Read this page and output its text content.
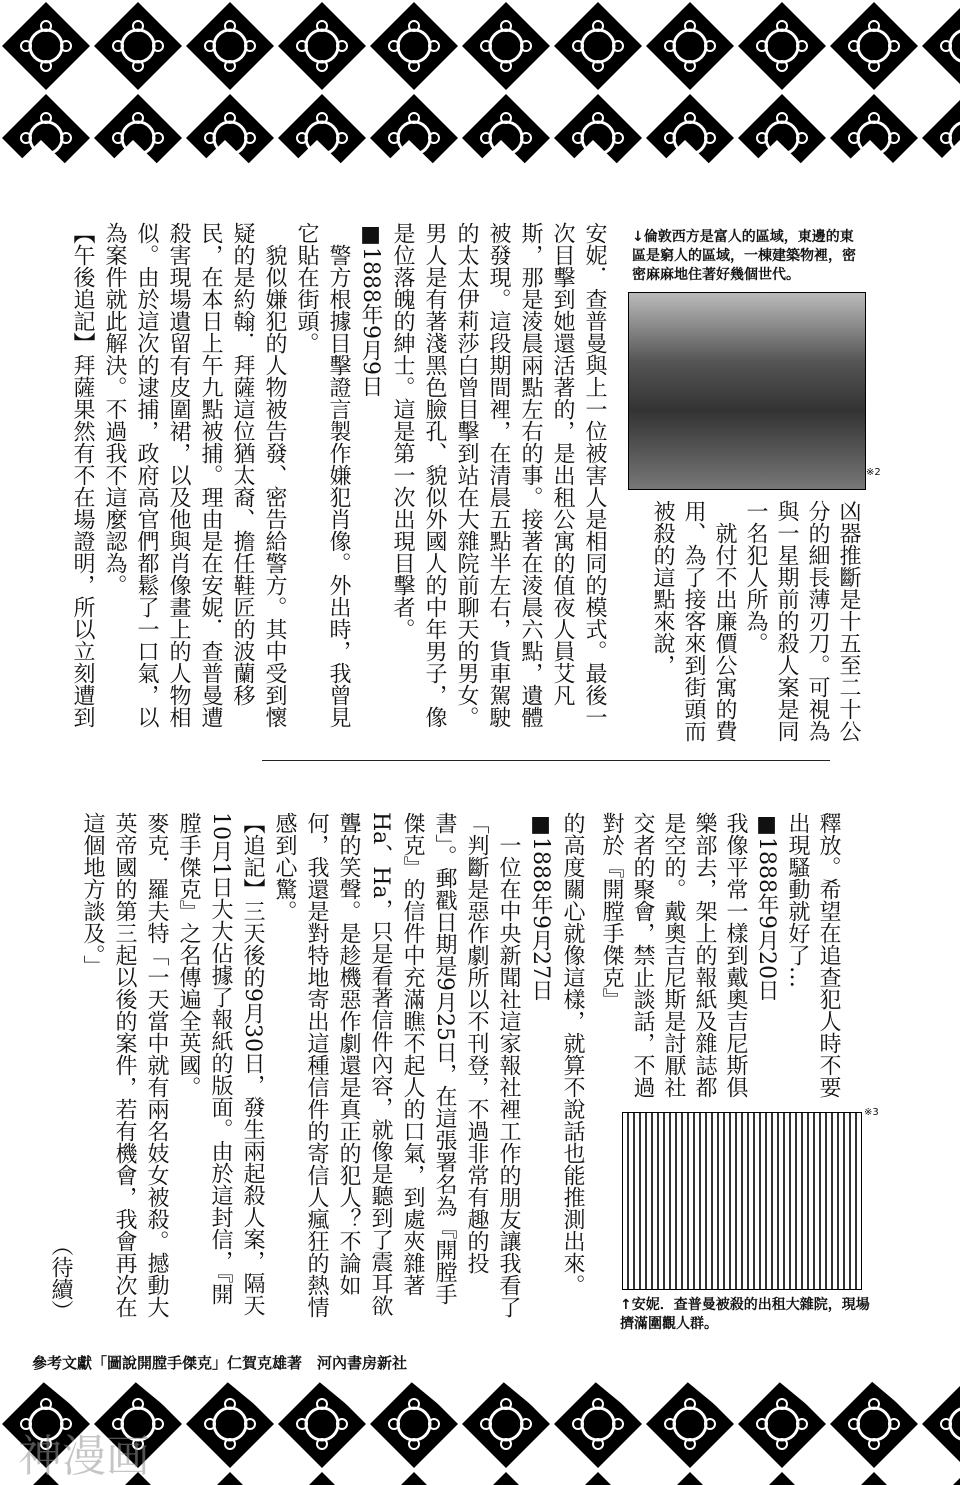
↓倫敦西方是富人的區域，東邊的東區是窮人的區域，一棟建築物裡，密密麻麻地住著好幾個世代。
※2

凶器推斷是十五至二十公分的細長薄刃刀。可視為與一星期前的殺人案是同一名犯人所為。

　就付不出廉價公寓的費用、為了接客來到街頭而被殺的這點來說，

安妮．查普曼與上一位被害人是相同的模式。最後一次目擊到她還活著的，是出租公寓的值夜人員艾凡斯，那是淩晨兩點左右的事。接著在淩晨六點，遺體被發現。這段期間裡，在清晨五點半左右，貨車駕駛的太太伊莉莎白曾目擊到站在大雜院前聊天的男女。男人是有著淺黑色臉孔、貌似外國人的中年男子，像是位落魄的紳士。這是第一次出現目擊者。

■1888年9月9日

　警方根據目擊證言製作嫌犯肖像。外出時，我曾見它貼在街頭。

　貌似嫌犯的人物被告發、密告給警方。其中受到懷疑的是約翰．拜薩這位猶太裔、擔任鞋匠的波蘭移民，在本日上午九點被捕。理由是在安妮．查普曼遭殺害現場遺留有皮圍裙，以及他與肖像畫上的人物相似。由於這次的逮捕，政府高官們都鬆了一口氣，以為案件就此解決。不過我不這麼認為。

【午後追記】拜薩果然有不在場證明，所以立刻遭到

釋放。希望在追查犯人時不要出現騷動就好了…

■1888年9月20日

我像平常一樣到戴奧吉尼斯俱樂部去，架上的報紙及雜誌都是空的。戴奧吉尼斯是討厭社交者的聚會，禁止談話，不過對於『開膛手傑克』

※3
↑安妮．查普曼被殺的出租大雜院，現場擠滿圍觀人群。

的高度關心就像這樣，就算不說話也能推測出來。

■1888年9月27日

　一位在中央新聞社這家報社裡工作的朋友讓我看了「判斷是惡作劇所以不刊登，不過非常有趣的投書」。郵戳日期是9月25日，在這張署名為『開膛手傑克』的信件中充滿瞧不起人的口氣，到處夾雜著Ha、Ha，只是看著信件內容，就像是聽到了震耳欲聾的笑聲。是趁機惡作劇還是真正的犯人？不論如何，我還是對特地寄出這種信件的寄信人瘋狂的熱情感到心驚。

【追記】三天後的9月30日，發生兩起殺人案，隔天10月1日大大佔據了報紙的版面。由於這封信，『開膛手傑克』之名傳遍全英國。

麥克．羅夫特「一天當中就有兩名妓女被殺。撼動大英帝國的第三起以後的案件，若有機會，我會再次在這個地方談及。」

（待續）

參考文獻「圖說開膛手傑克」仁賀克雄著　河內書房新社
神漫画
